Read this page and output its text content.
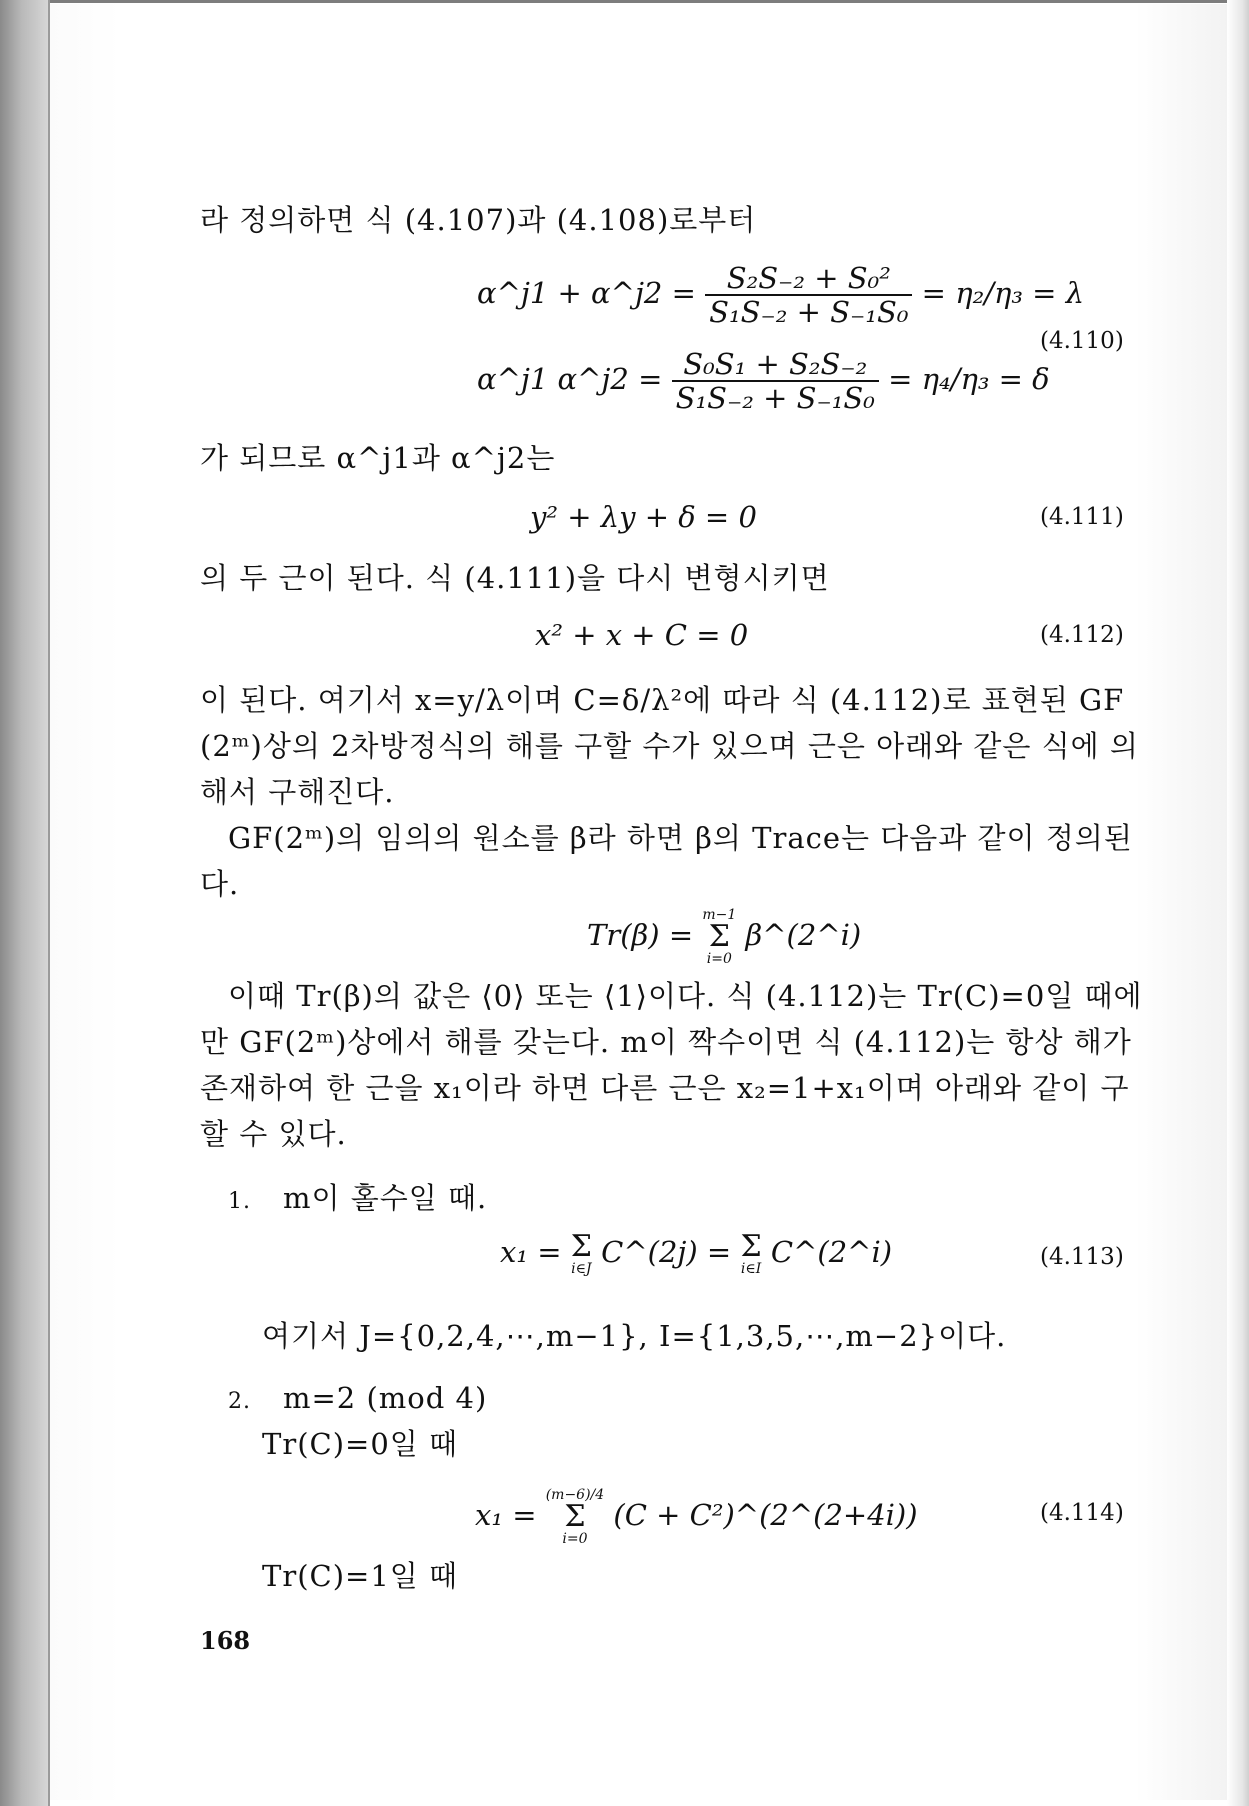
라 정의하면 식 (4.107)과 (4.108)로부터
α^j1 + α^j2 = $\frac{\text{S₂S₋₂ + S₀²}}{\text{S₁S₋₂ + S₋₁S₀}} = \eta_2/\eta_3 = \lambda$
(4.110)
α^j1 α^j2 = $\frac{\text{S₀S₁ + S₂S₋₂}}{\text{S₁S₋₂ + S₋₁S₀}} = \eta_4/\eta_3 = \delta$
가 되므로 α^j1과 α^j2는
y² + λy + δ = 0	(4.111)
의 두 근이 된다. 식 (4.111)을 다시 변형시키면
x² + x + C = 0	(4.112)
이 된다. 여기서 x=y/λ이며 C=δ/λ²에 따라 식 (4.112)로 표현된 GF
(2ᵐ)상의 2차방정식의 해를 구할 수가 있으며 근은 아래와 같은 식에 의
해서 구해진다.
GF(2ᵐ)의 임의의 원소를 β라 하면 β의 Trace는 다음과 같이 정의된
다.
Tr(β) =
m−1
Σ
i=0
β^(2^i)
이때 Tr(β)의 값은 ⟨0⟩ 또는 ⟨1⟩이다. 식 (4.112)는 Tr(C)=0일 때에
만 GF(2ᵐ)상에서 해를 갖는다. m이 짝수이면 식 (4.112)는 항상 해가
존재하여 한 근을 x₁이라 하면 다른 근은 x₂=1+x₁이며 아래와 같이 구
할 수 있다.
1. m이 홀수일 때.
x₁ = Σ
i∈J C^(2j) = Σ
i∈I C^(2^i)	(4.113)
여기서 J={0,2,4,⋯,m−1}, I={1,3,5,⋯,m−2}이다.
2. m=2 (mod 4)
Tr(C)=0일 때
x₁ =
(m−6)/4
Σ
i=0
(C + C²)^(2^(2+4i))	(4.114)
Tr(C)=1일 때
168
